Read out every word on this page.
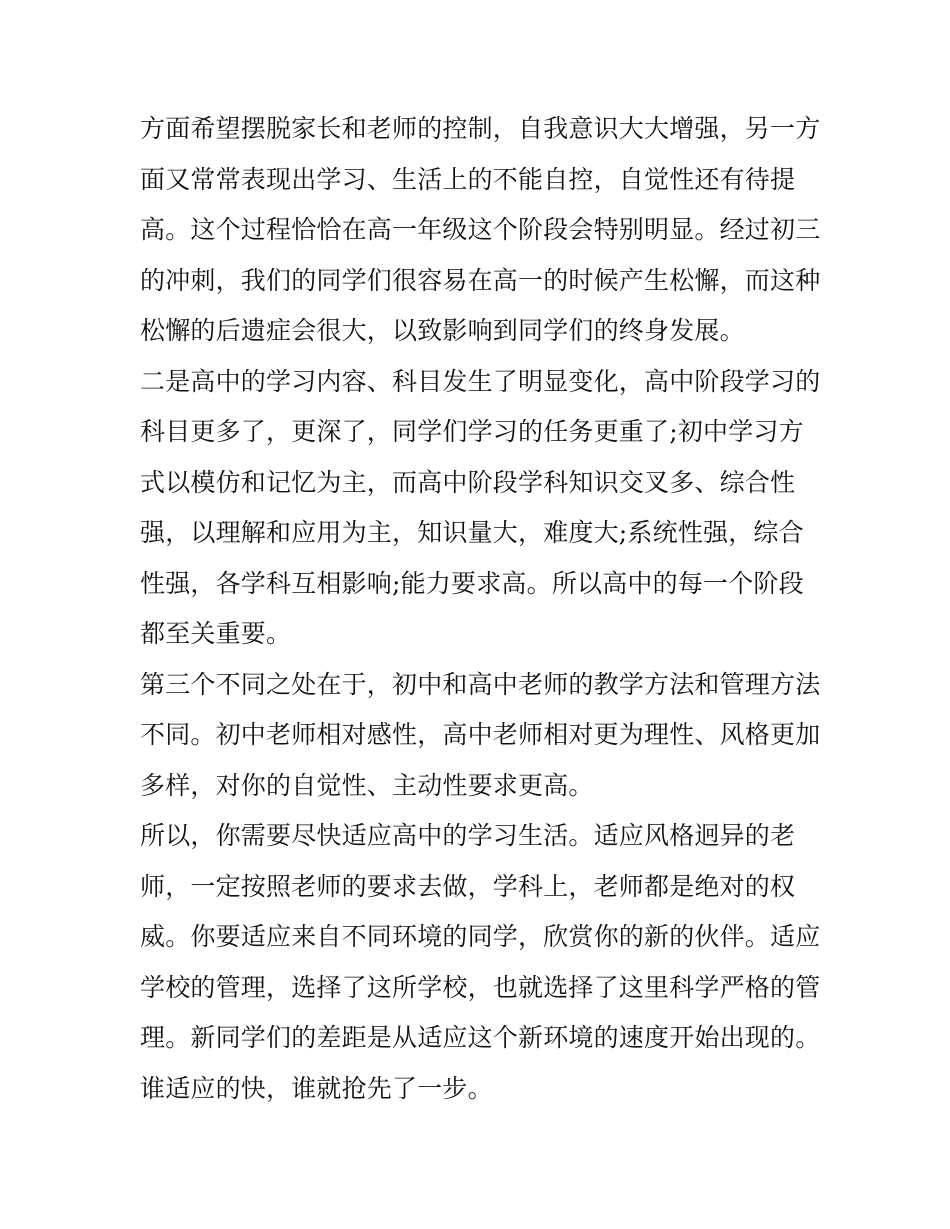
方面希望摆脱家长和老师的控制，自我意识大大增强，另一方
面又常常表现出学习、生活上的不能自控，自觉性还有待提
高。这个过程恰恰在高一年级这个阶段会特别明显。经过初三
的冲刺，我们的同学们很容易在高一的时候产生松懈，而这种
松懈的后遗症会很大，以致影响到同学们的终身发展。
二是高中的学习内容、科目发生了明显变化，高中阶段学习的
科目更多了，更深了，同学们学习的任务更重了;初中学习方
式以模仿和记忆为主，而高中阶段学科知识交叉多、综合性
强，以理解和应用为主，知识量大，难度大;系统性强，综合
性强，各学科互相影响;能力要求高。所以高中的每一个阶段
都至关重要。
第三个不同之处在于，初中和高中老师的教学方法和管理方法
不同。初中老师相对感性，高中老师相对更为理性、风格更加
多样，对你的自觉性、主动性要求更高。
所以，你需要尽快适应高中的学习生活。适应风格迥异的老
师，一定按照老师的要求去做，学科上，老师都是绝对的权
威。你要适应来自不同环境的同学，欣赏你的新的伙伴。适应
学校的管理，选择了这所学校，也就选择了这里科学严格的管
理。新同学们的差距是从适应这个新环境的速度开始出现的。
谁适应的快，谁就抢先了一步。
